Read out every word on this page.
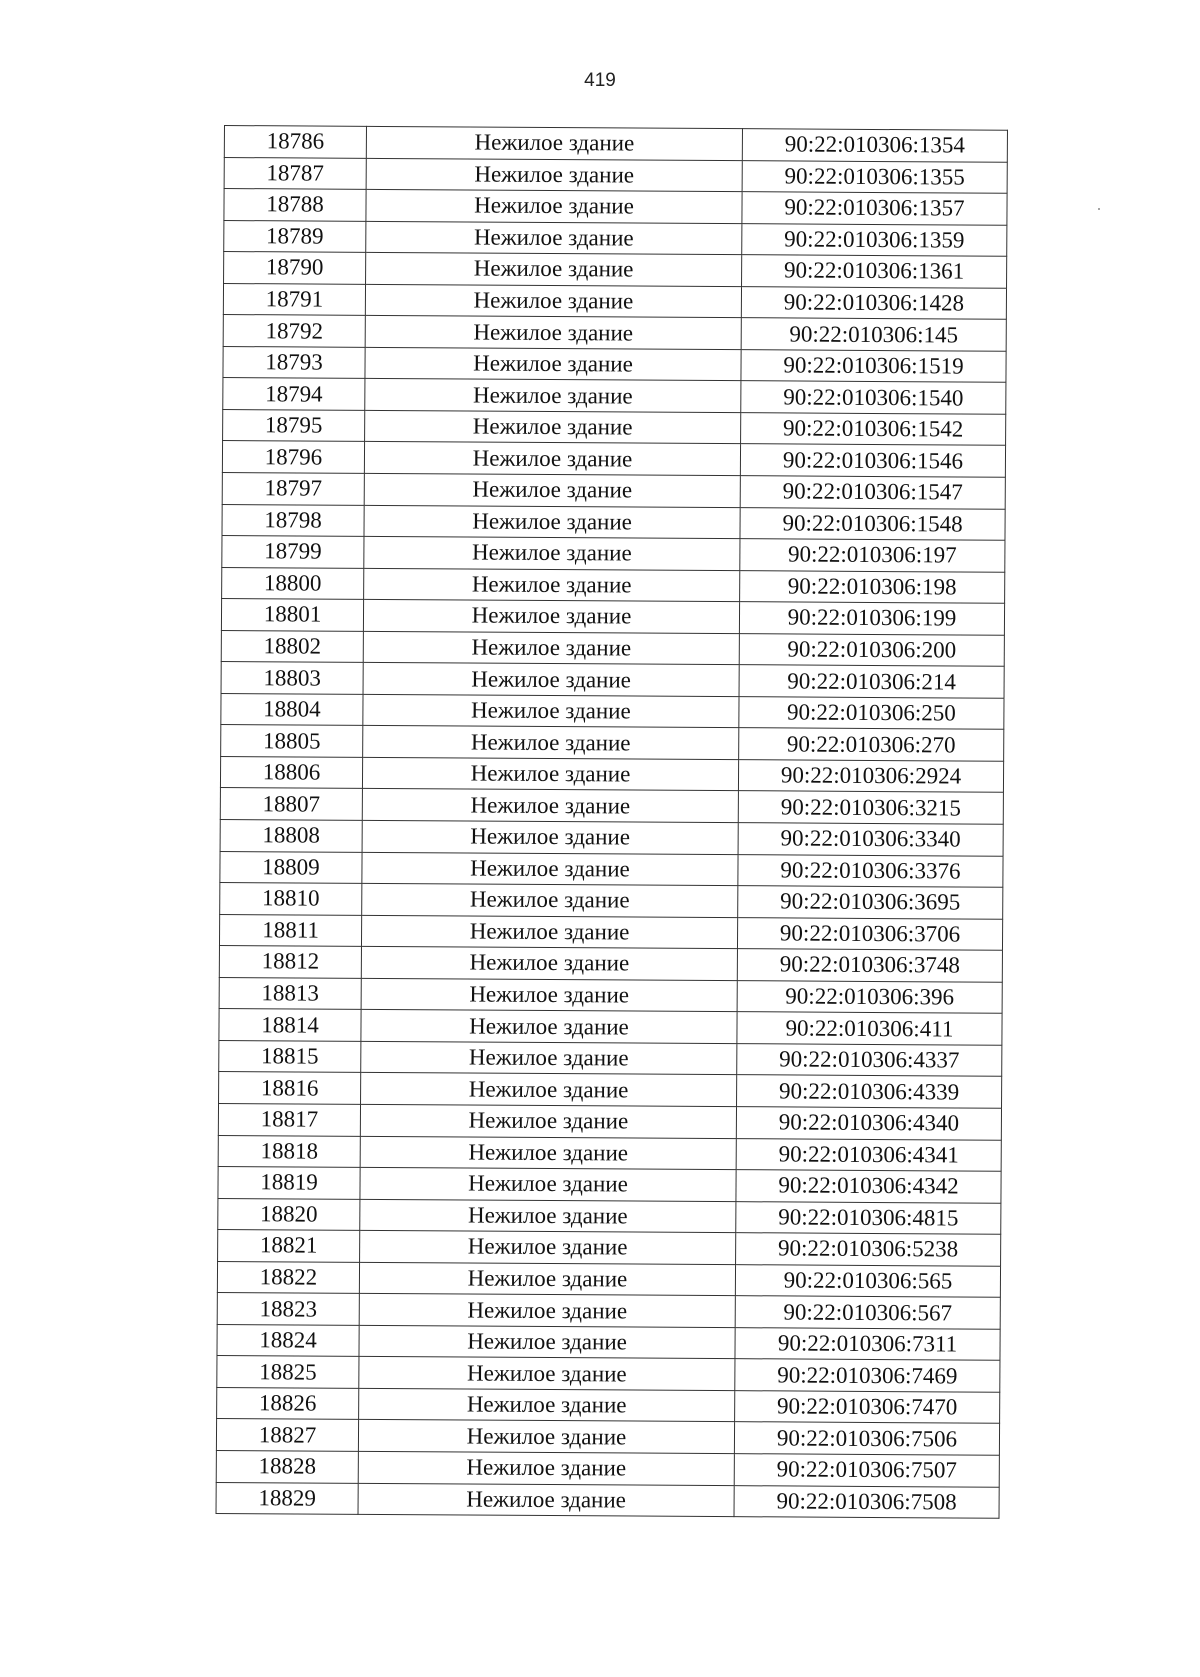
419
18786	Нежилое здание	90:22:010306:1354
18787	Нежилое здание	90:22:010306:1355
18788	Нежилое здание	90:22:010306:1357
18789	Нежилое здание	90:22:010306:1359
18790	Нежилое здание	90:22:010306:1361
18791	Нежилое здание	90:22:010306:1428
18792	Нежилое здание	90:22:010306:145
18793	Нежилое здание	90:22:010306:1519
18794	Нежилое здание	90:22:010306:1540
18795	Нежилое здание	90:22:010306:1542
18796	Нежилое здание	90:22:010306:1546
18797	Нежилое здание	90:22:010306:1547
18798	Нежилое здание	90:22:010306:1548
18799	Нежилое здание	90:22:010306:197
18800	Нежилое здание	90:22:010306:198
18801	Нежилое здание	90:22:010306:199
18802	Нежилое здание	90:22:010306:200
18803	Нежилое здание	90:22:010306:214
18804	Нежилое здание	90:22:010306:250
18805	Нежилое здание	90:22:010306:270
18806	Нежилое здание	90:22:010306:2924
18807	Нежилое здание	90:22:010306:3215
18808	Нежилое здание	90:22:010306:3340
18809	Нежилое здание	90:22:010306:3376
18810	Нежилое здание	90:22:010306:3695
18811	Нежилое здание	90:22:010306:3706
18812	Нежилое здание	90:22:010306:3748
18813	Нежилое здание	90:22:010306:396
18814	Нежилое здание	90:22:010306:411
18815	Нежилое здание	90:22:010306:4337
18816	Нежилое здание	90:22:010306:4339
18817	Нежилое здание	90:22:010306:4340
18818	Нежилое здание	90:22:010306:4341
18819	Нежилое здание	90:22:010306:4342
18820	Нежилое здание	90:22:010306:4815
18821	Нежилое здание	90:22:010306:5238
18822	Нежилое здание	90:22:010306:565
18823	Нежилое здание	90:22:010306:567
18824	Нежилое здание	90:22:010306:7311
18825	Нежилое здание	90:22:010306:7469
18826	Нежилое здание	90:22:010306:7470
18827	Нежилое здание	90:22:010306:7506
18828	Нежилое здание	90:22:010306:7507
18829	Нежилое здание	90:22:010306:7508
